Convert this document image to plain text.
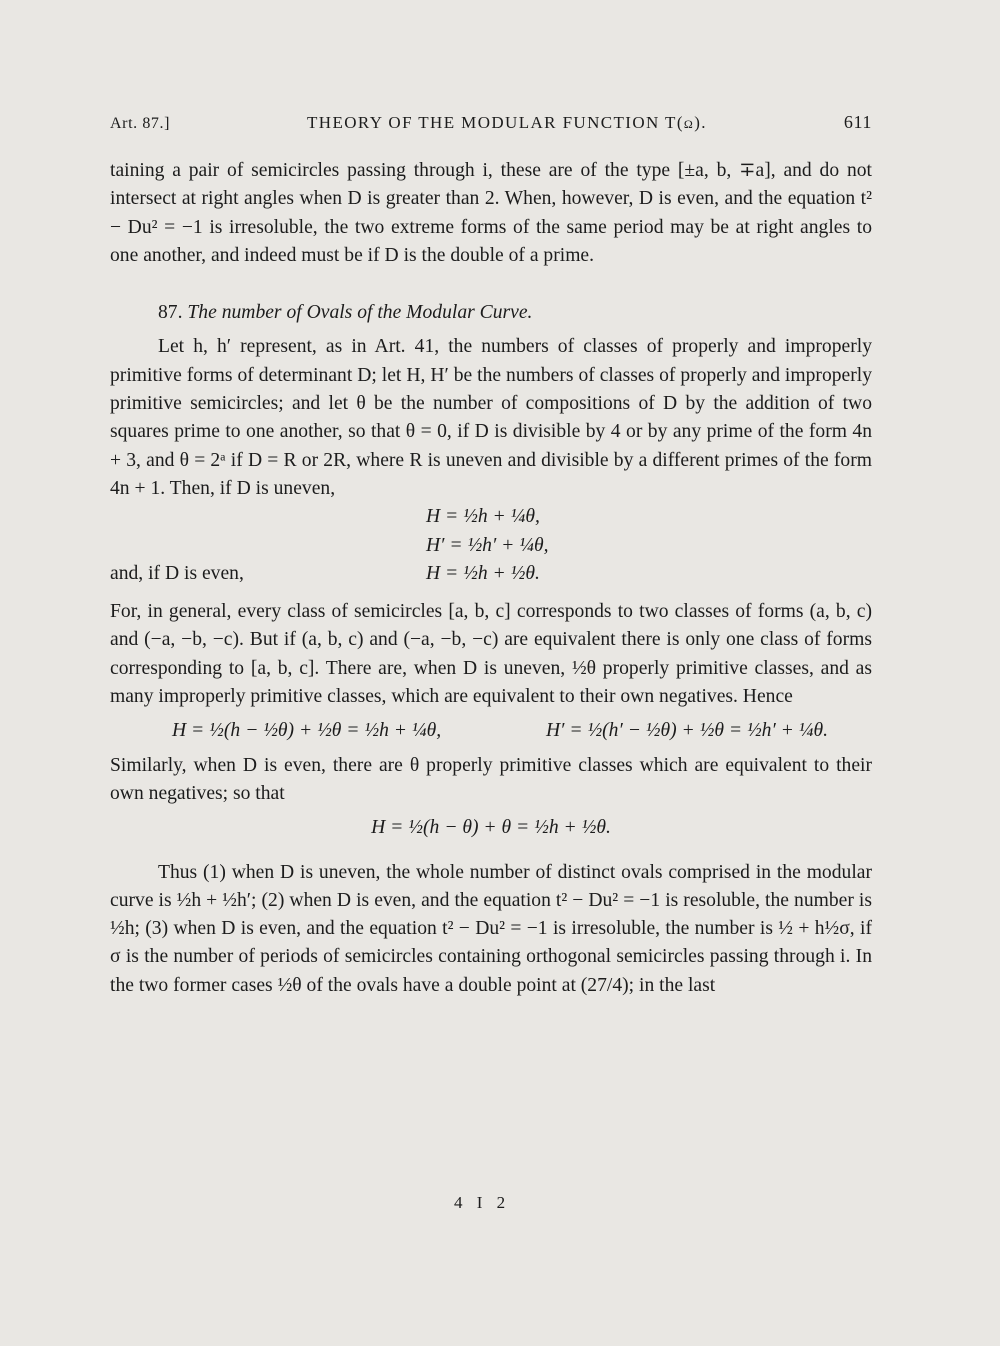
Art. 87.]	THEORY OF THE MODULAR FUNCTION T(ω).	611

taining a pair of semicircles passing through i, these are of the type [±a, b, ∓a], and do not intersect at right angles when D is greater than 2. When, however, D is even, and the equation t² − Du² = −1 is irresoluble, the two extreme forms of the same period may be at right angles to one another, and indeed must be if D is the double of a prime.

87. The number of Ovals of the Modular Curve.

Let h, h′ represent, as in Art. 41, the numbers of classes of properly and improperly primitive forms of determinant D; let H, H′ be the numbers of classes of properly and improperly primitive semicircles; and let θ be the number of compositions of D by the addition of two squares prime to one another, so that θ = 0, if D is divisible by 4 or by any prime of the form 4n + 3, and θ = 2ᵃ if D = R or 2R, where R is uneven and divisible by a different primes of the form 4n + 1. Then, if D is uneven,

H = ½h + ¼θ,
H′ = ½h′ + ¼θ,
and, if D is even,	H = ½h + ½θ.

For, in general, every class of semicircles [a, b, c] corresponds to two classes of forms (a, b, c) and (−a, −b, −c). But if (a, b, c) and (−a, −b, −c) are equivalent there is only one class of forms corresponding to [a, b, c]. There are, when D is uneven, ½θ properly primitive classes, and as many improperly primitive classes, which are equivalent to their own negatives. Hence

H = ½(h − ½θ) + ½θ = ½h + ¼θ,	H′ = ½(h′ − ½θ) + ½θ = ½h′ + ¼θ.

Similarly, when D is even, there are θ properly primitive classes which are equivalent to their own negatives; so that

H = ½(h − θ) + θ = ½h + ½θ.

Thus (1) when D is uneven, the whole number of distinct ovals comprised in the modular curve is ½h + ½h′; (2) when D is even, and the equation t² − Du² = −1 is resoluble, the number is ½h; (3) when D is even, and the equation t² − Du² = −1 is irresoluble, the number is ½ + h½σ, if σ is the number of periods of semicircles containing orthogonal semicircles passing through i. In the two former cases ½θ of the ovals have a double point at (27/4); in the last

4 I 2
